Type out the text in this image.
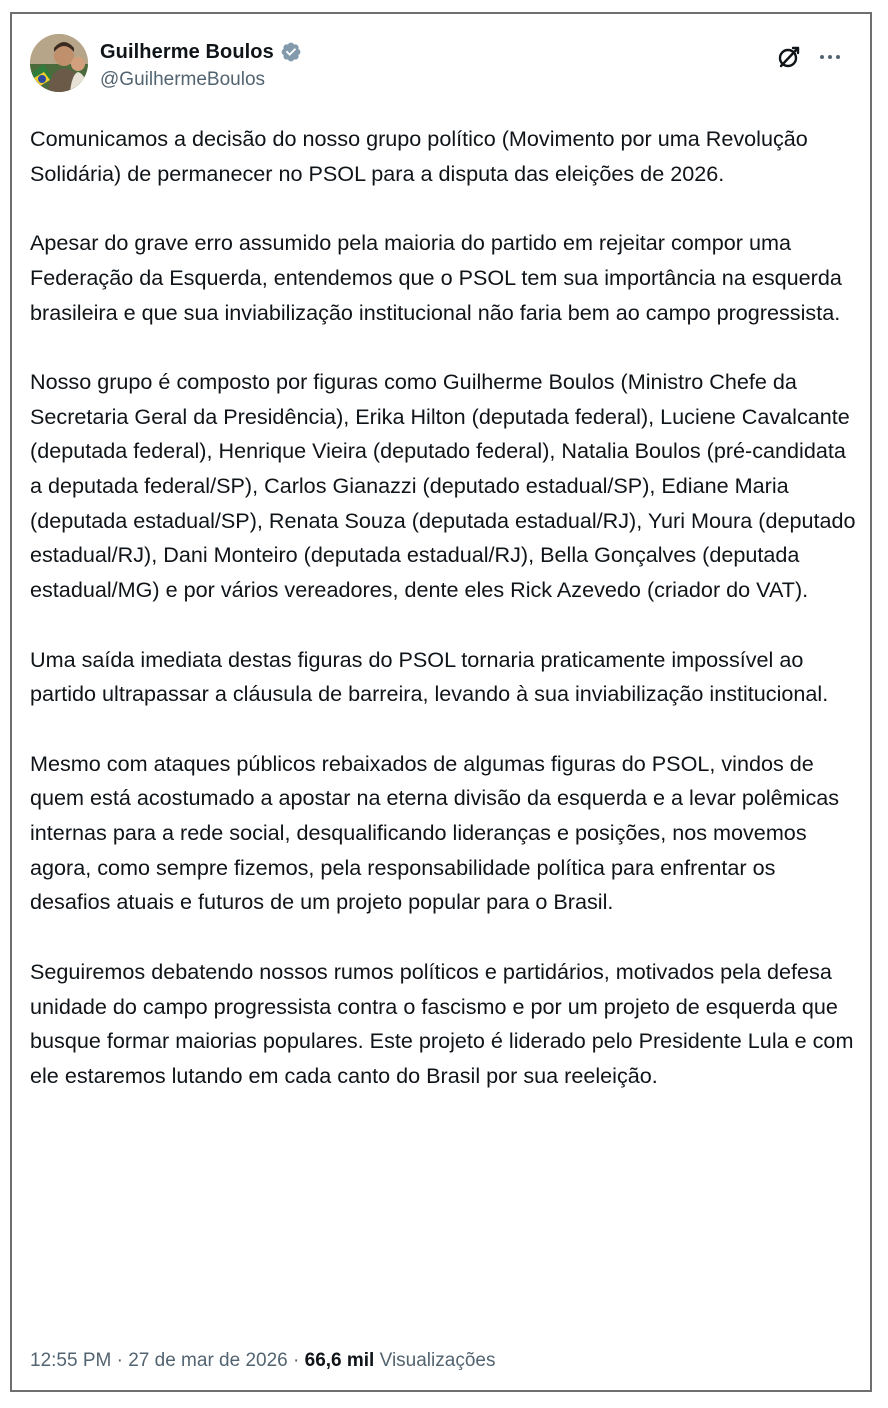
Guilherme Boulos
@GuilhermeBoulos

Comunicamos a decisão do nosso grupo político (Movimento por uma Revolução Solidária) de permanecer no PSOL para a disputa das eleições de 2026.

Apesar do grave erro assumido pela maioria do partido em rejeitar compor uma Federação da Esquerda, entendemos que o PSOL tem sua importância na esquerda brasileira e que sua inviabilização institucional não faria bem ao campo progressista.

Nosso grupo é composto por figuras como Guilherme Boulos (Ministro Chefe da Secretaria Geral da Presidência), Erika Hilton (deputada federal), Luciene Cavalcante (deputada federal), Henrique Vieira (deputado federal), Natalia Boulos (pré-candidata a deputada federal/SP), Carlos Gianazzi (deputado estadual/SP), Ediane Maria (deputada estadual/SP), Renata Souza (deputada estadual/RJ), Yuri Moura (deputado estadual/RJ), Dani Monteiro (deputada estadual/RJ), Bella Gonçalves (deputada estadual/MG) e por vários vereadores, dente eles Rick Azevedo (criador do VAT).

Uma saída imediata destas figuras do PSOL tornaria praticamente impossível ao partido ultrapassar a cláusula de barreira, levando à sua inviabilização institucional.

Mesmo com ataques públicos rebaixados de algumas figuras do PSOL, vindos de quem está acostumado a apostar na eterna divisão da esquerda e a levar polêmicas internas para a rede social, desqualificando lideranças e posições, nos movemos agora, como sempre fizemos, pela responsabilidade política para enfrentar os desafios atuais e futuros de um projeto popular para o Brasil.

Seguiremos debatendo nossos rumos políticos e partidários, motivados pela defesa unidade do campo progressista contra o fascismo e por um projeto de esquerda que busque formar maiorias populares. Este projeto é liderado pelo Presidente Lula e com ele estaremos lutando em cada canto do Brasil por sua reeleição.

12:55 PM · 27 de mar de 2026 · 66,6 mil Visualizações
